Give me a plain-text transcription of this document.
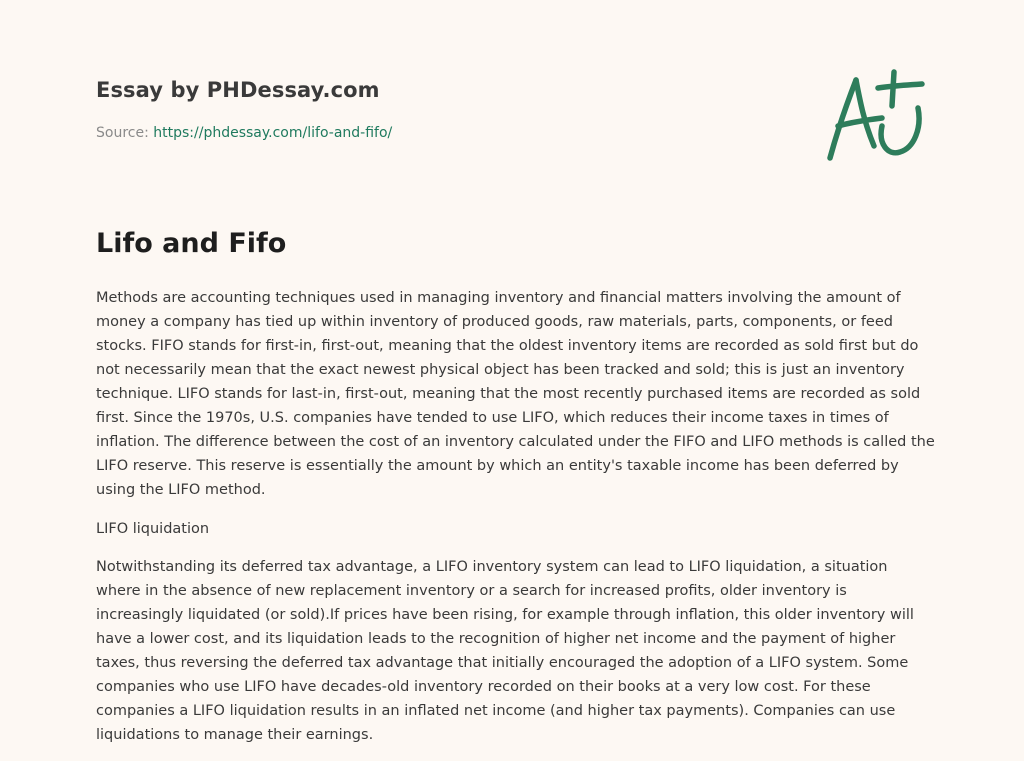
Essay by PHDessay.com
Source: https://phdessay.com/lifo-and-fifo/
Lifo and Fifo

Methods are accounting techniques used in managing inventory and financial matters involving the amount of money a company has tied up within inventory of produced goods, raw materials, parts, components, or feed stocks. FIFO stands for first-in, first-out, meaning that the oldest inventory items are recorded as sold first but do not necessarily mean that the exact newest physical object has been tracked and sold; this is just an inventory technique. LIFO stands for last-in, first-out, meaning that the most recently purchased items are recorded as sold first. Since the 1970s, U.S. companies have tended to use LIFO, which reduces their income taxes in times of inflation. The difference between the cost of an inventory calculated under the FIFO and LIFO methods is called the LIFO reserve. This reserve is essentially the amount by which an entity's taxable income has been deferred by using the LIFO method.

LIFO liquidation

Notwithstanding its deferred tax advantage, a LIFO inventory system can lead to LIFO liquidation, a situation where in the absence of new replacement inventory or a search for increased profits, older inventory is increasingly liquidated (or sold).If prices have been rising, for example through inflation, this older inventory will have a lower cost, and its liquidation leads to the recognition of higher net income and the payment of higher taxes, thus reversing the deferred tax advantage that initially encouraged the adoption of a LIFO system. Some companies who use LIFO have decades-old inventory recorded on their books at a very low cost. For these companies a LIFO liquidation results in an inflated net income (and higher tax payments). Companies can use liquidations to manage their earnings.
